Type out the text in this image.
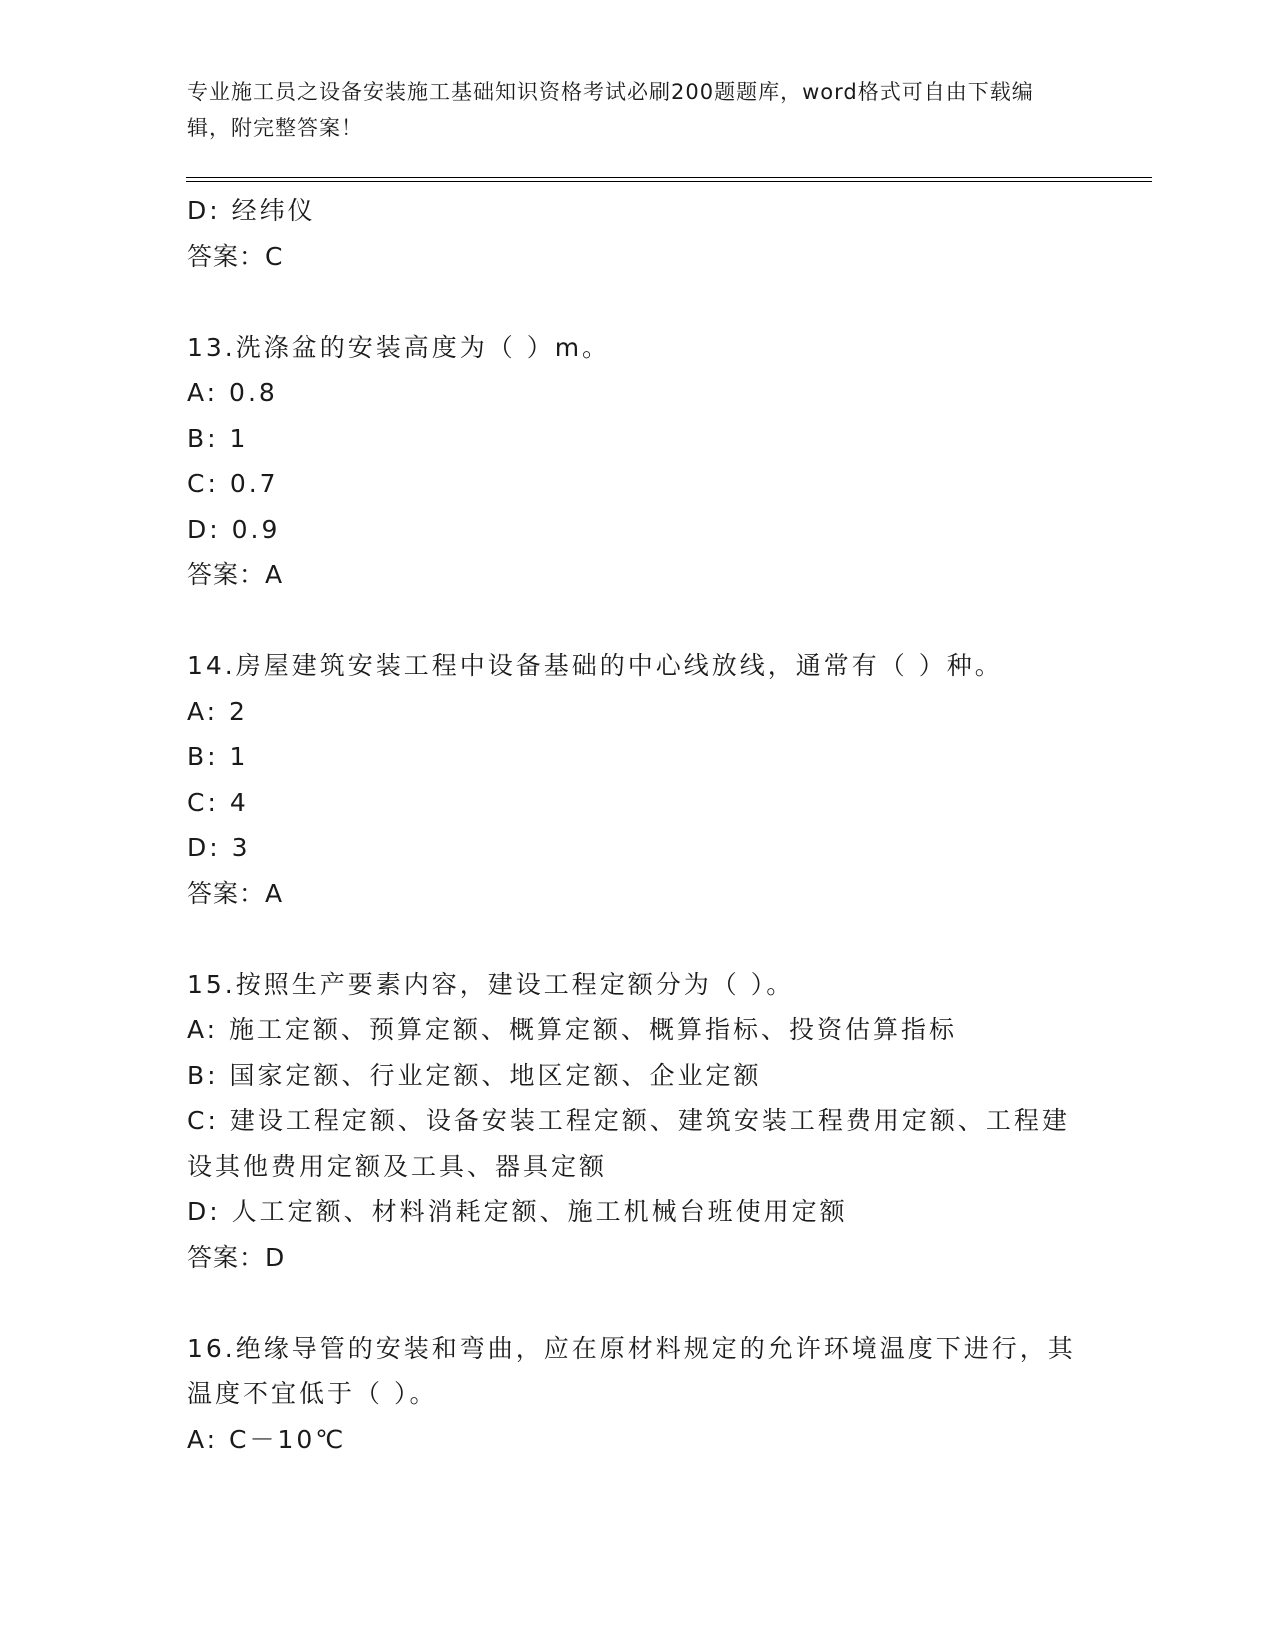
专业施工员之设备安装施工基础知识资格考试必刷200题题库，word格式可自由下载编辑，附完整答案！
D: 经纬仪
答案：C
13.洗涤盆的安装高度为（ ）m。
A: 0.8
B: 1
C: 0.7
D: 0.9
答案：A
14.房屋建筑安装工程中设备基础的中心线放线，通常有（ ）种。
A: 2
B: 1
C: 4
D: 3
答案：A
15.按照生产要素内容，建设工程定额分为（ ）。
A: 施工定额、预算定额、概算定额、概算指标、投资估算指标
B: 国家定额、行业定额、地区定额、企业定额
C: 建设工程定额、设备安装工程定额、建筑安装工程费用定额、工程建设其他费用定额及工具、器具定额
D: 人工定额、材料消耗定额、施工机械台班使用定额
答案：D
16.绝缘导管的安装和弯曲，应在原材料规定的允许环境温度下进行，其温度不宜低于（ ）。
A: C－10℃
